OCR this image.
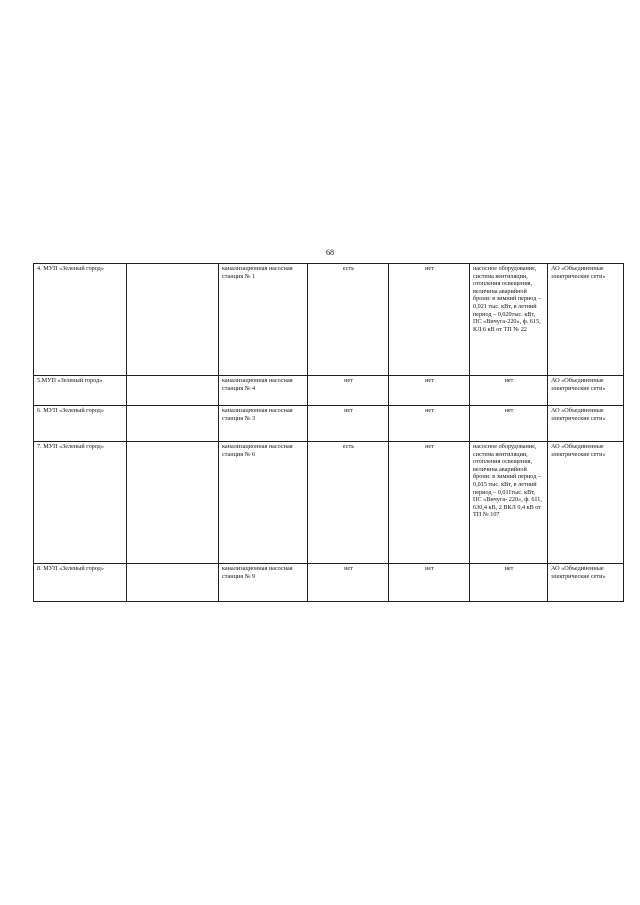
68
4. МУП «Зеленый город»		канализационная насосная станция № 1	есть	нет	насосное оборудование, система вентиляции, отопления освещения, величина аварийной брони: в зимний период – 0,021 тыс. кВт, в летний период – 0,020тыс. кВт, ПС «Вичуга-220», ф. 615, КЛ 6 кВ от ТП № 22	АО «Объединенные электрические сети»
5.МУП «Зеленый город»		канализационная насосная станция № 4	нет	нет	нет	АО «Объединенные электрические сети»
6. МУП «Зеленый город»		канализационная насосная станция № 3	нет	нет	нет	АО «Объединенные электрические сети»
7. МУП «Зеленый город»		канализационная насосная станция № 6	есть	нет	насосное оборудование, система вентиляции, отопления освещения, величина аварийной брони: в зимний период –0,015 тыс. кВт, в летний период – 0,011тыс. кВт, ПС «Вичуга- 220», ф. 611, 630,4 кВ, 2 ВКЛ 0,4 кВ от ТП № 107	АО «Объединенные электрические сети»
8. МУП «Зеленый город»		канализационная насосная станция № 9	нет	нет	нет	АО «Объединенные электрические сети»
